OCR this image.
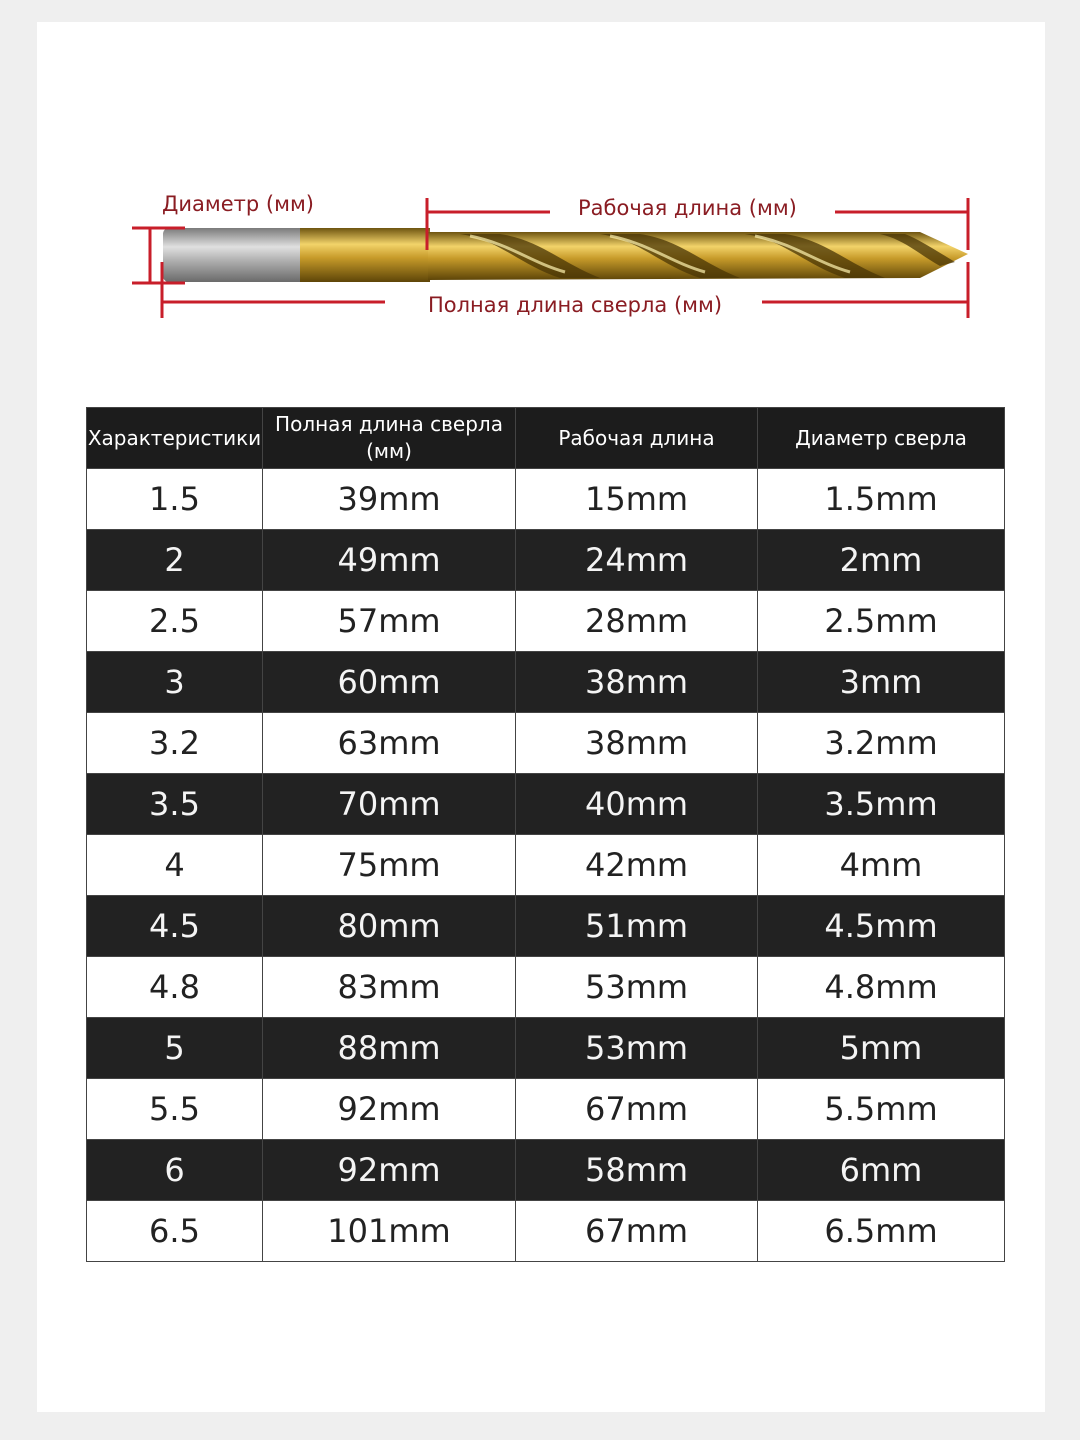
Диаметр (мм)	Рабочая длина (мм)
Полная длина сверла (мм)
Характеристики	Полная длина сверла (мм)	Рабочая длина	Диаметр сверла
1.5	39mm	15mm	1.5mm
2	49mm	24mm	2mm
2.5	57mm	28mm	2.5mm
3	60mm	38mm	3mm
3.2	63mm	38mm	3.2mm
3.5	70mm	40mm	3.5mm
4	75mm	42mm	4mm
4.5	80mm	51mm	4.5mm
4.8	83mm	53mm	4.8mm
5	88mm	53mm	5mm
5.5	92mm	67mm	5.5mm
6	92mm	58mm	6mm
6.5	101mm	67mm	6.5mm
